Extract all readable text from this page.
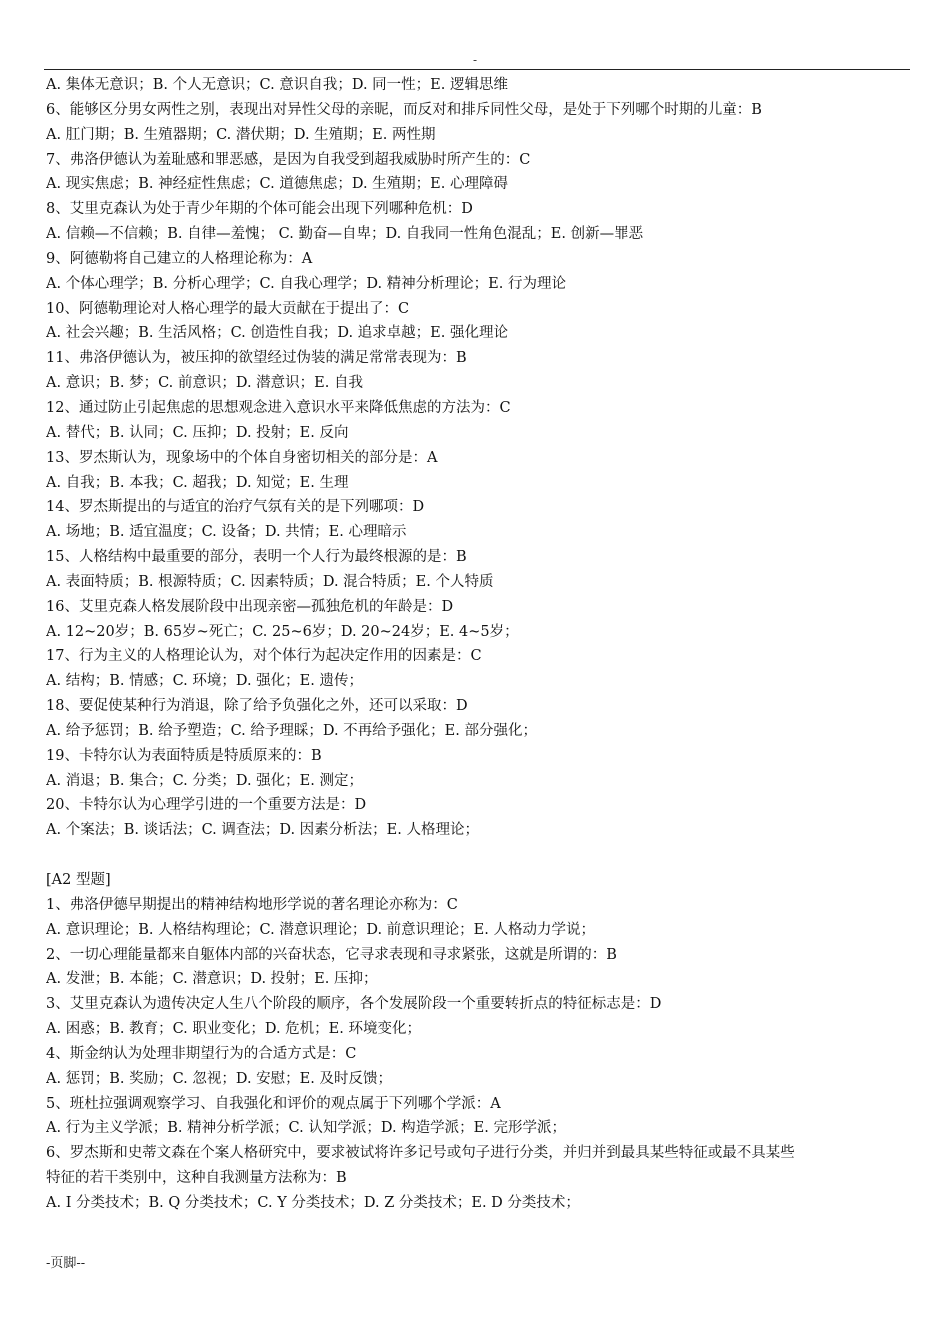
-
A. 集体无意识；B. 个人无意识；C. 意识自我；D. 同一性；E. 逻辑思维
6、能够区分男女两性之别，表现出对异性父母的亲昵，而反对和排斥同性父母，是处于下列哪个时期的儿童：B
A. 肛门期；B. 生殖器期；C. 潜伏期；D. 生殖期；E. 两性期
7、弗洛伊德认为羞耻感和罪恶感，是因为自我受到超我威胁时所产生的：C
A. 现实焦虑；B. 神经症性焦虑；C. 道德焦虑；D. 生殖期；E. 心理障碍
8、艾里克森认为处于青少年期的个体可能会出现下列哪种危机：D
A. 信赖—不信赖；B. 自律—羞愧； C. 勤奋—自卑；D. 自我同一性角色混乱；E. 创新—罪恶
9、阿德勒将自己建立的人格理论称为：A
A. 个体心理学；B. 分析心理学；C. 自我心理学；D. 精神分析理论；E. 行为理论
10、阿德勒理论对人格心理学的最大贡献在于提出了：C
A. 社会兴趣；B. 生活风格；C. 创造性自我；D. 追求卓越；E. 强化理论
11、弗洛伊德认为，被压抑的欲望经过伪装的满足常常表现为：B
A. 意识；B. 梦；C. 前意识；D. 潜意识；E. 自我
12、通过防止引起焦虑的思想观念进入意识水平来降低焦虑的方法为：C
A. 替代；B. 认同；C. 压抑；D. 投射；E. 反向
13、罗杰斯认为，现象场中的个体自身密切相关的部分是：A
A. 自我；B. 本我；C. 超我；D. 知觉；E. 生理
14、罗杰斯提出的与适宜的治疗气氛有关的是下列哪项：D
A. 场地；B. 适宜温度；C. 设备；D. 共情；E. 心理暗示
15、人格结构中最重要的部分，表明一个人行为最终根源的是：B
A. 表面特质；B. 根源特质；C. 因素特质；D. 混合特质；E. 个人特质
16、艾里克森人格发展阶段中出现亲密—孤独危机的年龄是：D
A. 12~20岁；B. 65岁~死亡；C. 25~6岁；D. 20~24岁；E. 4~5岁；
17、行为主义的人格理论认为，对个体行为起决定作用的因素是：C
A. 结构；B. 情感；C. 环境；D. 强化；E. 遗传；
18、要促使某种行为消退，除了给予负强化之外，还可以采取：D
A. 给予惩罚；B. 给予塑造；C. 给予理睬；D. 不再给予强化；E. 部分强化；
19、卡特尔认为表面特质是特质原来的：B
A. 消退；B. 集合；C. 分类；D. 强化；E. 测定；
20、卡特尔认为心理学引进的一个重要方法是：D
A. 个案法；B. 谈话法；C. 调查法；D. 因素分析法；E. 人格理论；
[A2 型题]
1、弗洛伊德早期提出的精神结构地形学说的著名理论亦称为：C
A. 意识理论；B. 人格结构理论；C. 潜意识理论；D. 前意识理论；E. 人格动力学说；
2、一切心理能量都来自躯体内部的兴奋状态，它寻求表现和寻求紧张，这就是所谓的：B
A. 发泄；B. 本能；C. 潜意识；D. 投射；E. 压抑；
3、艾里克森认为遗传决定人生八个阶段的顺序，各个发展阶段一个重要转折点的特征标志是：D
A. 困惑；B. 教育；C. 职业变化；D. 危机；E. 环境变化；
4、斯金纳认为处理非期望行为的合适方式是：C
A. 惩罚；B. 奖励；C. 忽视；D. 安慰；E. 及时反馈；
5、班杜拉强调观察学习、自我强化和评价的观点属于下列哪个学派：A
A. 行为主义学派；B. 精神分析学派；C. 认知学派；D. 构造学派；E. 完形学派；
6、罗杰斯和史蒂文森在个案人格研究中，要求被试将许多记号或句子进行分类，并归并到最具某些特征或最不具某些
特征的若干类别中，这种自我测量方法称为：B
A. I 分类技术；B. Q 分类技术；C. Y 分类技术；D. Z 分类技术；E. D 分类技术；
-页脚--
